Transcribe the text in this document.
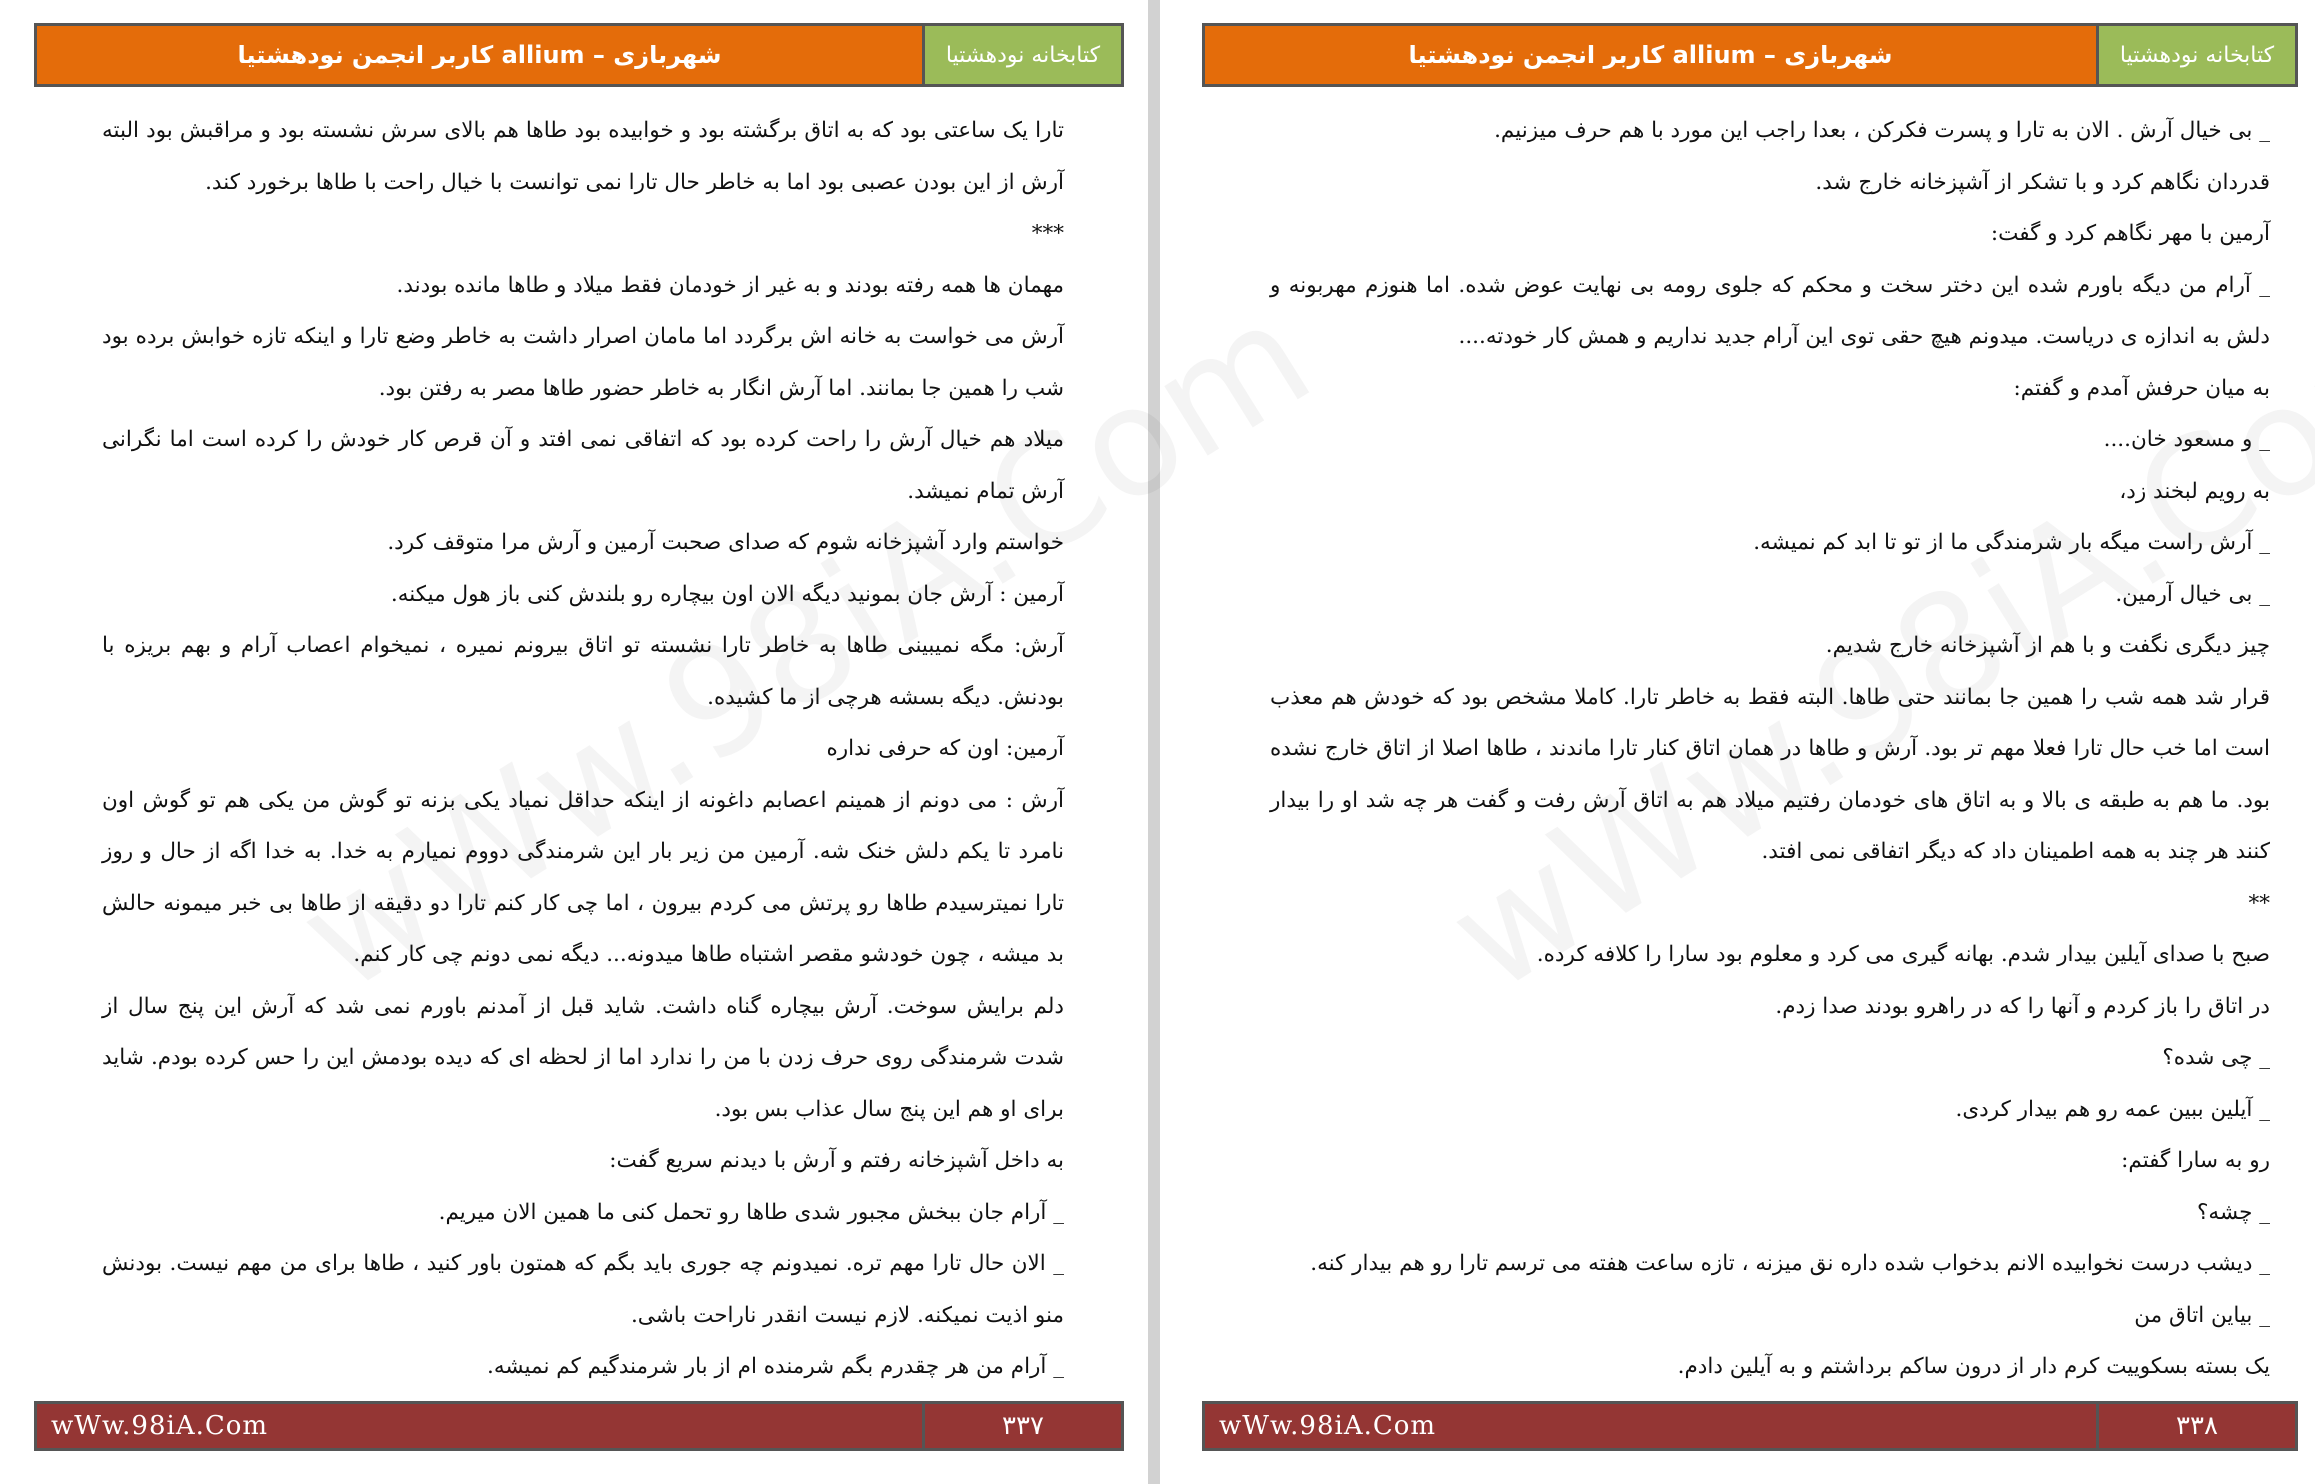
شهربازی – allium کاربر انجمن نودهشتیا	کتابخانه نودهشتیا

_ بی خیال آرش . الان به تارا و پسرت فکرکن ، بعدا راجب این مورد با هم حرف میزنیم.

قدردان نگاهم کرد و با تشکر از آشپزخانه خارج شد.

آرمین با مهر نگاهم کرد و گفت:

_ آرام من دیگه باورم شده این دختر سخت و محکم که جلوی رومه بی نهایت عوض شده. اما هنوزم مهربونه و دلش به اندازه ی دریاست. میدونم هیچ حقی توی این آرام جدید نداریم و همش کار خودته....

به میان حرفش آمدم و گفتم:

_ و مسعود خان....

به رویم لبخند زد،

_ آرش راست میگه بار شرمندگی ما از تو تا ابد کم نمیشه.

_ بی خیال آرمین.

چیز دیگری نگفت و با هم از آشپزخانه خارج شدیم.

قرار شد همه شب را همین جا بمانند حتی طاها. البته فقط به خاطر تارا. کاملا مشخص بود که خودش هم معذب است اما خب حال تارا فعلا مهم تر بود. آرش و طاها در همان اتاق کنار تارا ماندند ، طاها اصلا از اتاق خارج نشده بود. ما هم به طبقه ی بالا و به اتاق های خودمان رفتیم میلاد هم به اتاق آرش رفت و گفت هر چه شد او را بیدار کنند هر چند به همه اطمینان داد که دیگر اتفاقی نمی افتد.

**

صبح با صدای آیلین بیدار شدم. بهانه گیری می کرد و معلوم بود سارا را کلافه کرده.

در اتاق را باز کردم و آنها را که در راهرو بودند صدا زدم.

_ چی شده؟

_ آیلین ببین عمه رو هم بیدار کردی.

رو به سارا گفتم:

_ چشه؟

_ دیشب درست نخوابیده الانم بدخواب شده داره نق میزنه ، تازه ساعت هفته می ترسم تارا رو هم بیدار کنه.

_ بیاین اتاق من

یک بسته بسکوییت کرم دار از درون ساکم برداشتم و به آیلین دادم.

wWw.98iA.Com	۳۳۸
شهربازی – allium کاربر انجمن نودهشتیا	کتابخانه نودهشتیا

تارا یک ساعتی بود که به اتاق برگشته بود و خوابیده بود طاها هم بالای سرش نشسته بود و مراقبش بود البته آرش از این بودن عصبی بود اما به خاطر حال تارا نمی توانست با خیال راحت با طاها برخورد کند.

***

مهمان ها همه رفته بودند و به غیر از خودمان فقط میلاد و طاها مانده بودند.

آرش می خواست به خانه اش برگردد اما مامان اصرار داشت به خاطر وضع تارا و اینکه تازه خوابش برده بود شب را همین جا بمانند. اما آرش انگار به خاطر حضور طاها مصر به رفتن بود.

میلاد هم خیال آرش را راحت کرده بود که اتفاقی نمی افتد و آن قرص کار خودش را کرده است اما نگرانی آرش تمام نمیشد.

خواستم وارد آشپزخانه شوم که صدای صحبت آرمین و آرش مرا متوقف کرد.

آرمین : آرش جان بمونید دیگه الان اون بیچاره رو بلندش کنی باز هول میکنه.

آرش: مگه نمیبینی طاها به خاطر تارا نشسته تو اتاق بیرونم نمیره ، نمیخوام اعصاب آرام و بهم بریزه با بودنش. دیگه بسشه هرچی از ما کشیده.

آرمین: اون که حرفی نداره

آرش : می دونم از همینم اعصابم داغونه از اینکه حداقل نمیاد یکی بزنه تو گوش من یکی هم تو گوش اون نامرد تا یکم دلش خنک شه. آرمین من زیر بار این شرمندگی دووم نمیارم به خدا. به خدا اگه از حال و روز تارا نمیترسیدم طاها رو پرتش می کردم بیرون ، اما چی کار کنم تارا دو دقیقه از طاها بی خبر میمونه حالش بد میشه ، چون خودشو مقصر اشتباه طاها میدونه... دیگه نمی دونم چی کار کنم.

دلم برایش سوخت. آرش بیچاره گناه داشت. شاید قبل از آمدنم باورم نمی شد که آرش این پنج سال از شدت شرمندگی روی حرف زدن با من را ندارد اما از لحظه ای که دیده بودمش این را حس کرده بودم. شاید برای او هم این پنج سال عذاب بس بود.

به داخل آشپزخانه رفتم و آرش با دیدنم سریع گفت:

_ آرام جان ببخش مجبور شدی طاها رو تحمل کنی ما همین الان میریم.

_ الان حال تارا مهم تره. نمیدونم چه جوری باید بگم که همتون باور کنید ، طاها برای من مهم نیست. بودنش منو اذیت نمیکنه. لازم نیست انقدر ناراحت باشی.

_ آرام من هر چقدرم بگم شرمنده ام از بار شرمندگیم کم نمیشه.

wWw.98iA.Com	۳۳۷
